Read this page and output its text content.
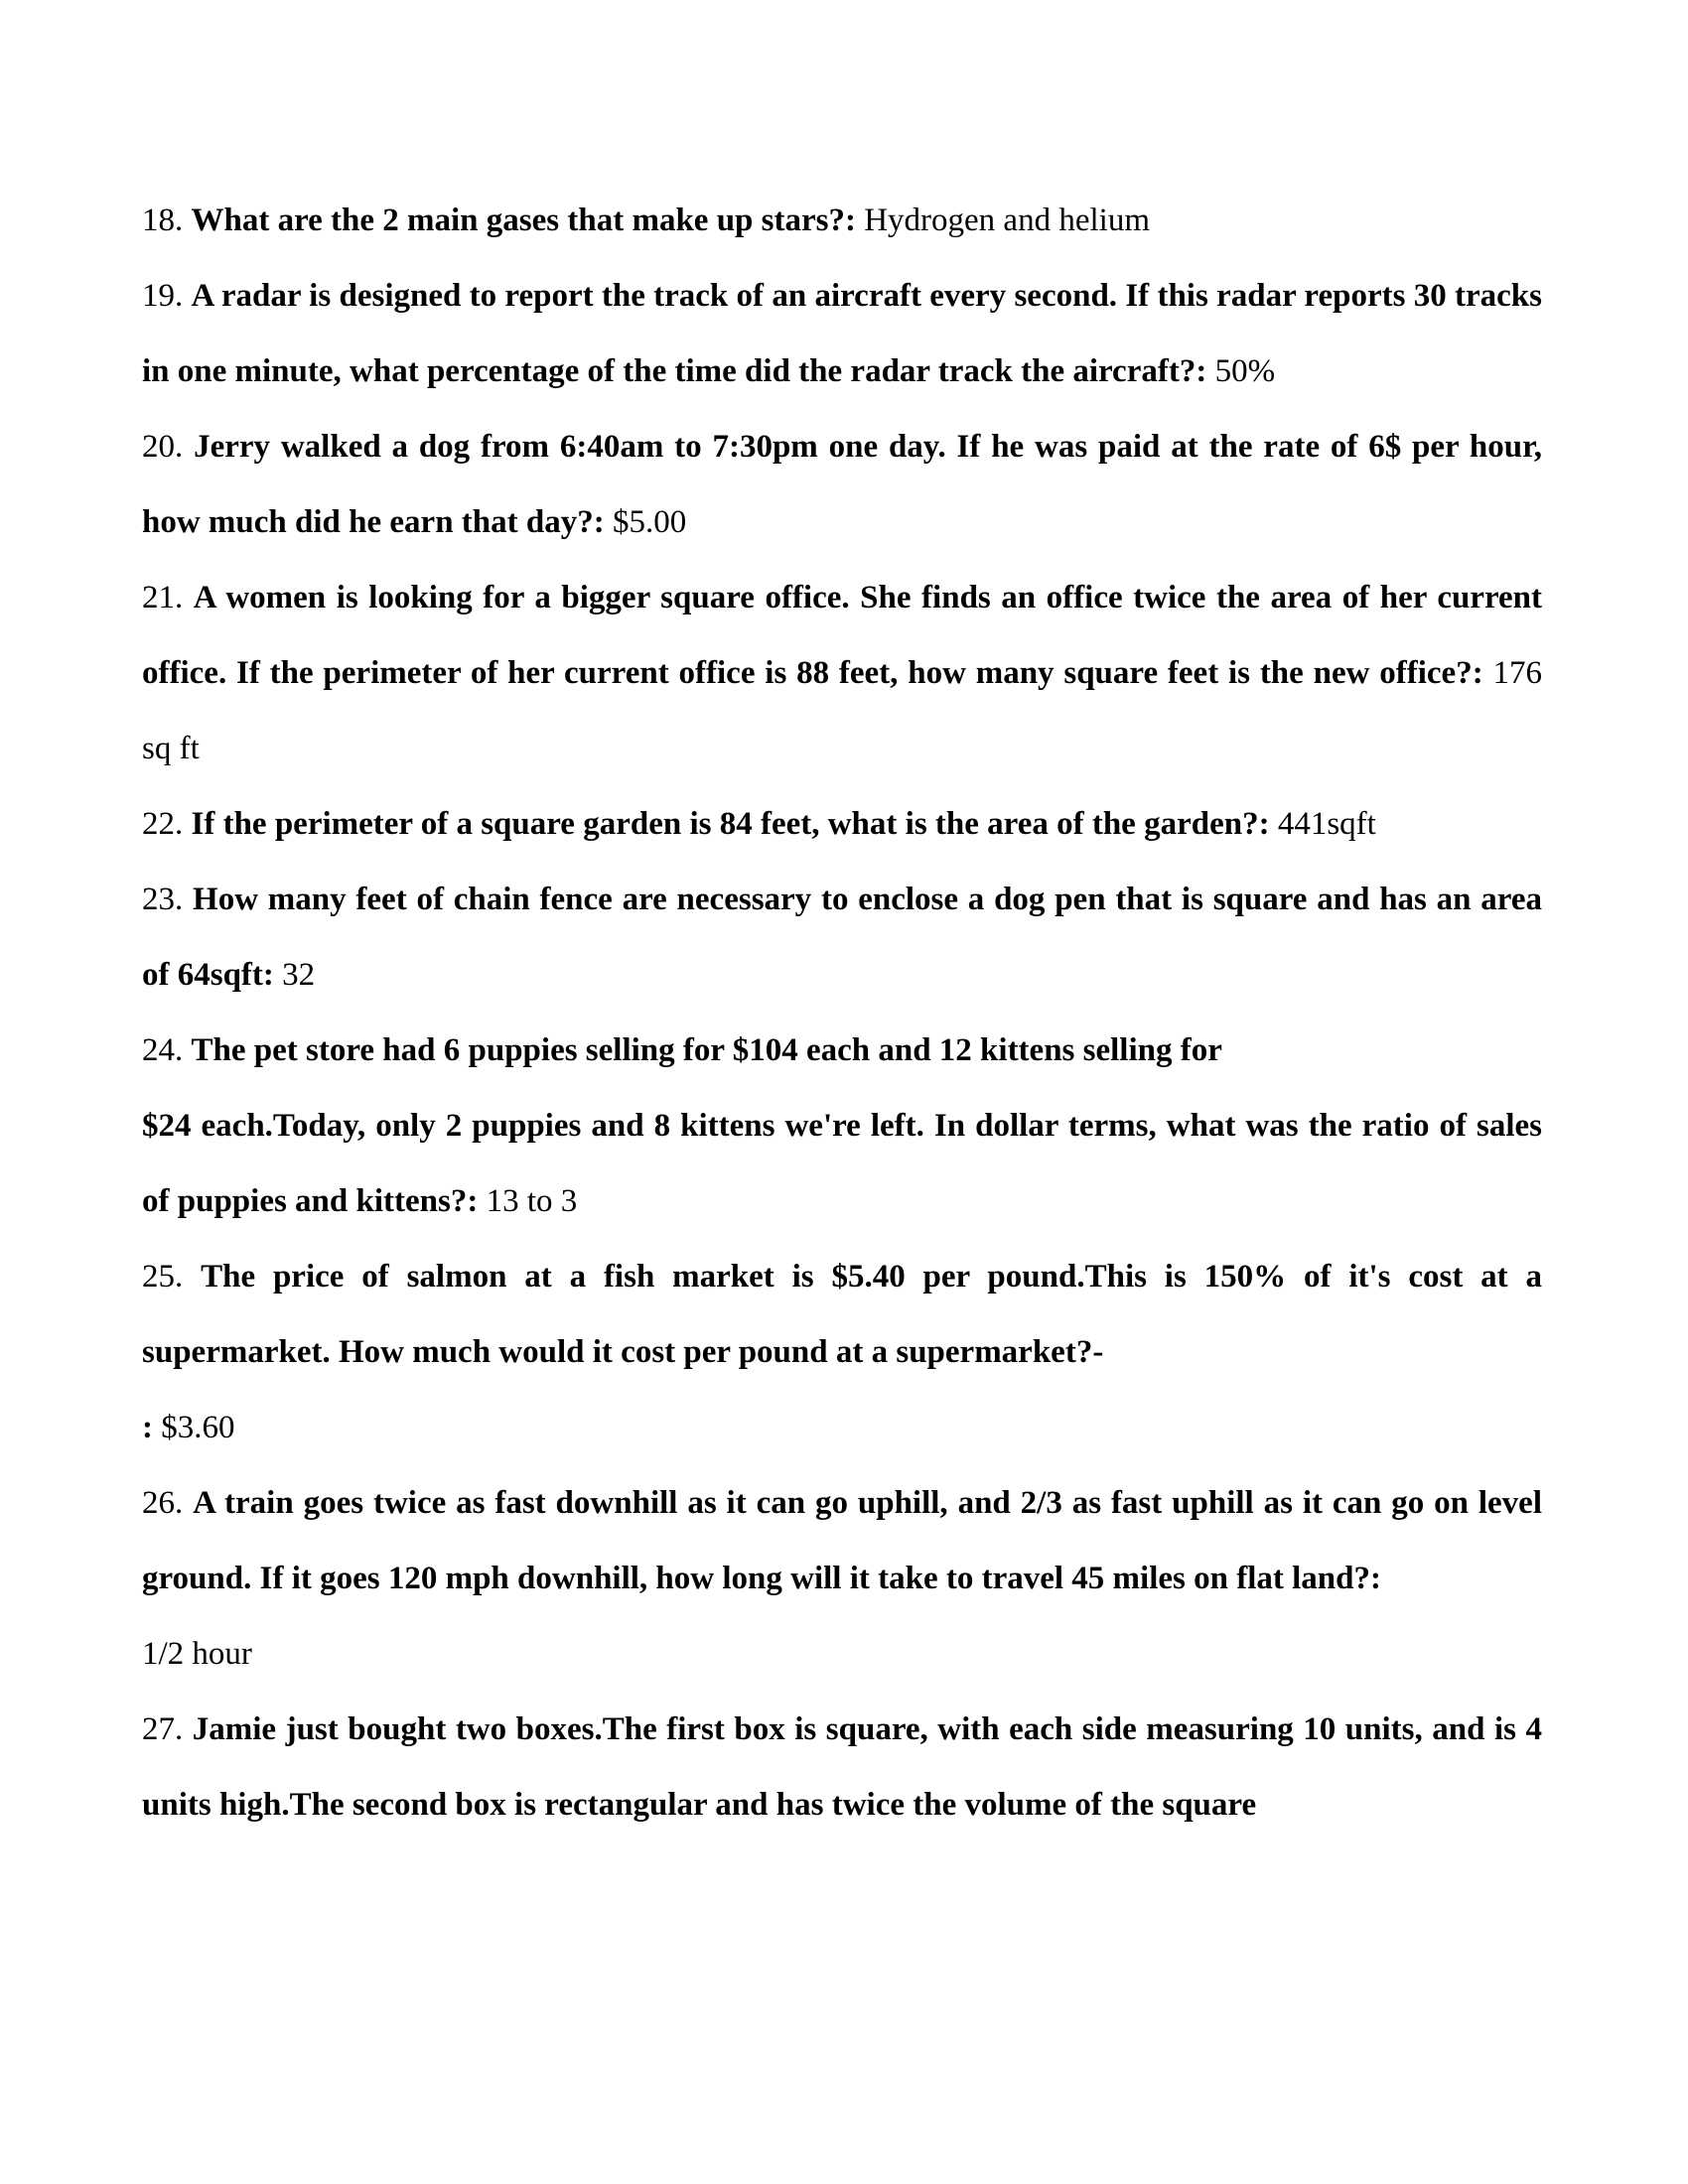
18. What are the 2 main gases that make up stars?: Hydrogen and helium

19. A radar is designed to report the track of an aircraft every second. If this radar reports 30 tracks in one minute, what percentage of the time did the radar track the aircraft?: 50%

20. Jerry walked a dog from 6:40am to 7:30pm one day. If he was paid at the rate of 6$ per hour, how much did he earn that day?: $5.00

21. A women is looking for a bigger square office. She finds an office twice the area of her current office. If the perimeter of her current office is 88 feet, how many square feet is the new office?: 176 sq ft

22. If the perimeter of a square garden is 84 feet, what is the area of the garden?: 441sqft

23. How many feet of chain fence are necessary to enclose a dog pen that is square and has an area of 64sqft: 32

24. The pet store had 6 puppies selling for $104 each and 12 kittens selling for
$24 each.Today, only 2 puppies and 8 kittens we're left. In dollar terms, what was the ratio of sales of puppies and kittens?: 13 to 3

25. The price of salmon at a fish market is $5.40 per pound.This is 150% of it's cost at a supermarket. How much would it cost per pound at a supermarket?-
: $3.60

26. A train goes twice as fast downhill as it can go uphill, and 2/3 as fast uphill as it can go on level ground. If it goes 120 mph downhill, how long will it take to travel 45 miles on flat land?:
1/2 hour

27. Jamie just bought two boxes.The first box is square, with each side measuring 10 units, and is 4 units high.The second box is rectangular and has twice the volume of the square
